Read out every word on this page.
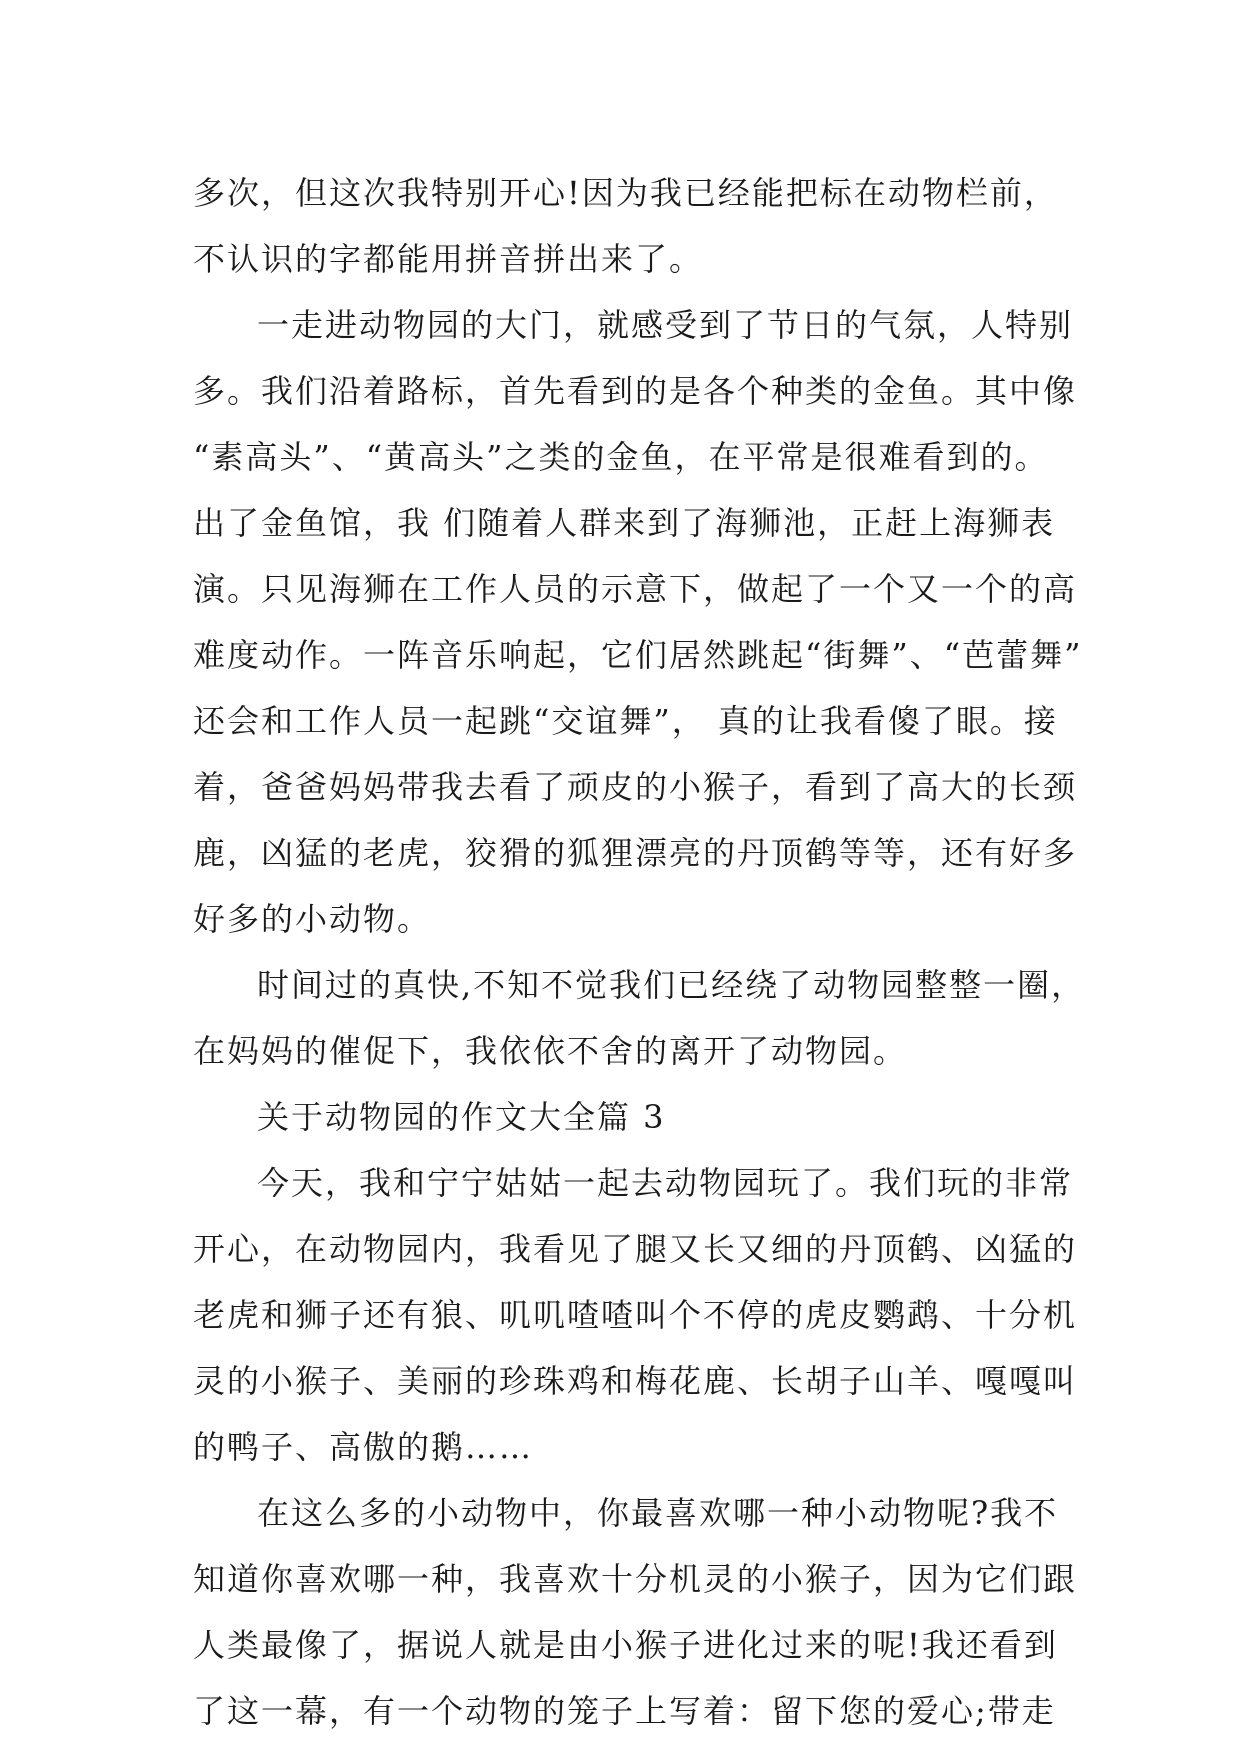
多次，但这次我特别开心!因为我已经能把标在动物栏前，
不认识的字都能用拼音拼出来了。
一走进动物园的大门，就感受到了节日的气氛，人特别
多。我们沿着路标，首先看到的是各个种类的金鱼。其中像
“素高头”、“黄高头”之类的金鱼，在平常是很难看到的。
出了金鱼馆，我 们随着人群来到了海狮池，正赶上海狮表
演。只见海狮在工作人员的示意下，做起了一个又一个的高
难度动作。一阵音乐响起，它们居然跳起“街舞”、“芭蕾舞”
还会和工作人员一起跳“交谊舞”， 真的让我看傻了眼。接
着，爸爸妈妈带我去看了顽皮的小猴子，看到了高大的长颈
鹿，凶猛的老虎，狡猾的狐狸漂亮的丹顶鹤等等，还有好多
好多的小动物。
时间过的真快,不知不觉我们已经绕了动物园整整一圈，
在妈妈的催促下，我依依不舍的离开了动物园。
关于动物园的作文大全篇 3
今天，我和宁宁姑姑一起去动物园玩了。我们玩的非常
开心，在动物园内，我看见了腿又长又细的丹顶鹤、凶猛的
老虎和狮子还有狼、叽叽喳喳叫个不停的虎皮鹦鹉、十分机
灵的小猴子、美丽的珍珠鸡和梅花鹿、长胡子山羊、嘎嘎叫
的鸭子、高傲的鹅……
在这么多的小动物中，你最喜欢哪一种小动物呢?我不
知道你喜欢哪一种，我喜欢十分机灵的小猴子，因为它们跟
人类最像了，据说人就是由小猴子进化过来的呢!我还看到
了这一幕，有一个动物的笼子上写着：留下您的爱心;带走
